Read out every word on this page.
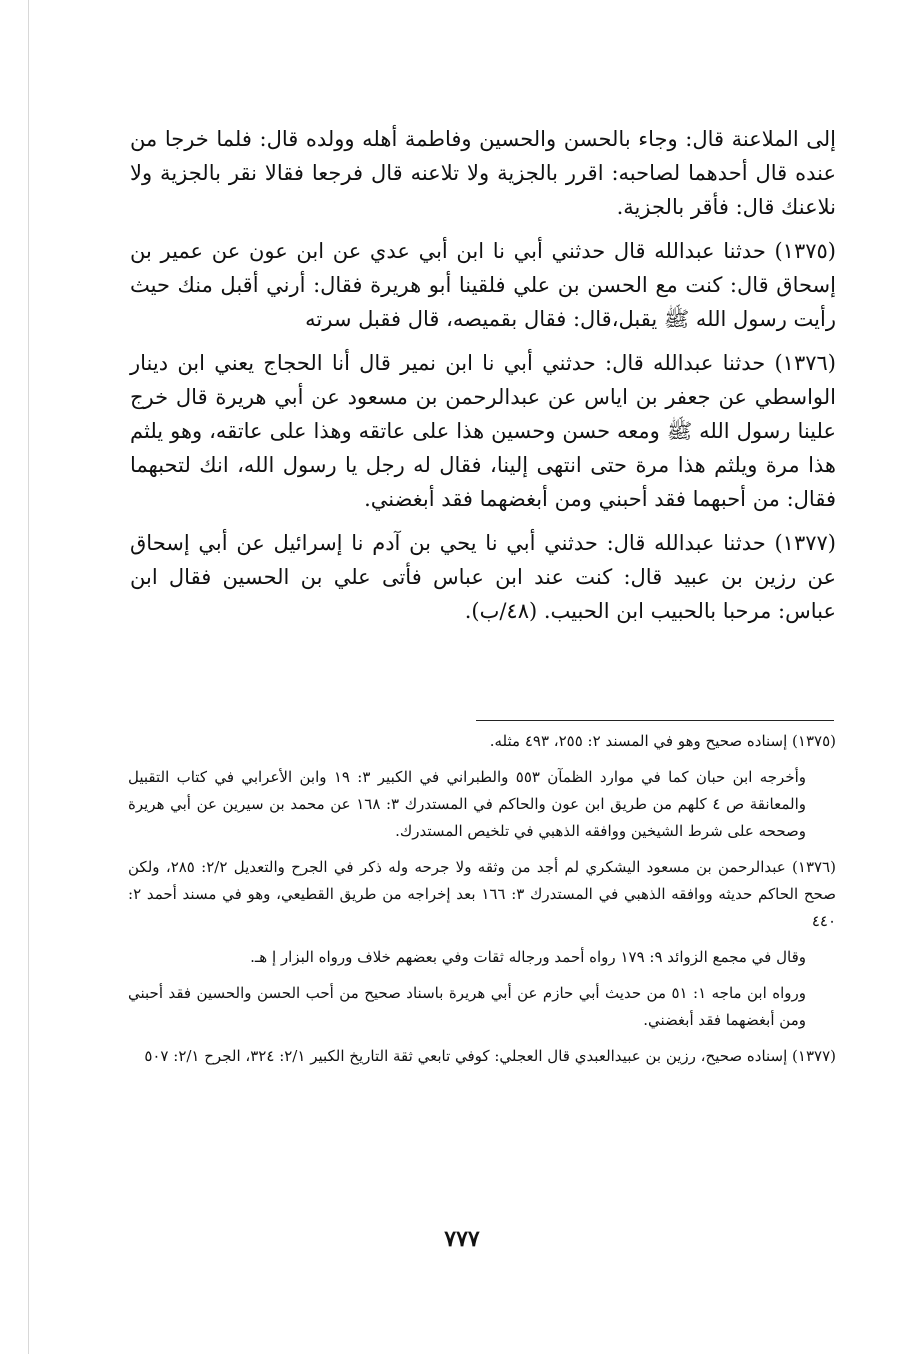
إلى الملاعنة قال: وجاء بالحسن والحسين وفاطمة أهله وولده قال: فلما خرجا من عنده قال أحدهما لصاحبه: اقرر بالجزية ولا تلاعنه قال فرجعا فقالا نقر بالجزية ولا نلاعنك قال: فأقر بالجزية.

(١٣٧٥) حدثنا عبدالله قال حدثني أبي نا ابن أبي عدي عن ابن عون عن عمير بن إسحاق قال: كنت مع الحسن بن علي فلقينا أبو هريرة فقال: أرني أقبل منك حيث رأيت رسول الله ﷺ يقبل،قال: فقال بقميصه، قال فقبل سرته

(١٣٧٦) حدثنا عبدالله قال: حدثني أبي نا ابن نمير قال أنا الحجاج يعني ابن دينار الواسطي عن جعفر بن اياس عن عبدالرحمن بن مسعود عن أبي هريرة قال خرج علينا رسول الله ﷺ ومعه حسن وحسين هذا على عاتقه وهذا على عاتقه، وهو يلثم هذا مرة ويلثم هذا مرة حتى انتهى إلينا، فقال له رجل يا رسول الله، انك لتحبهما فقال: من أحبهما فقد أحبني ومن أبغضهما فقد أبغضني.

(١٣٧٧) حدثنا عبدالله قال: حدثني أبي نا يحي بن آدم نا إسرائيل عن أبي إسحاق عن رزين بن عبيد قال: كنت عند ابن عباس فأتى علي بن الحسين فقال ابن عباس: مرحبا بالحبيب ابن الحبيب. (٤٨/ب).

(١٣٧٥) إسناده صحيح وهو في المسند ٢: ٢٥٥، ٤٩٣ مثله.

وأخرجه ابن حبان كما في موارد الظمآن ٥٥٣ والطبراني في الكبير ٣: ١٩ وابن الأعرابي في كتاب التقبيل والمعانقة ص ٤ كلهم من طريق ابن عون والحاكم في المستدرك ٣: ١٦٨ عن محمد بن سيرين عن أبي هريرة وصححه على شرط الشيخين ووافقه الذهبي في تلخيص المستدرك.

(١٣٧٦) عبدالرحمن بن مسعود اليشكري لم أجد من وثقه ولا جرحه وله ذكر في الجرح والتعديل ٢/٢: ٢٨٥، ولكن صحح الحاكم حديثه ووافقه الذهبي في المستدرك ٣: ١٦٦ بعد إخراجه من طريق القطيعي، وهو في مسند أحمد ٢: ٤٤٠

وقال في مجمع الزوائد ٩: ١٧٩ رواه أحمد ورجاله ثقات وفي بعضهم خلاف ورواه البزار إ هـ.

ورواه ابن ماجه ١: ٥١ من حديث أبي حازم عن أبي هريرة باسناد صحيح من أحب الحسن والحسين فقد أحبني ومن أبغضهما فقد أبغضني.

(١٣٧٧) إسناده صحيح، رزين بن عبيدالعبدي قال العجلي: كوفي تابعي ثقة التاريخ الكبير ٢/١: ٣٢٤، الجرح ٢/١: ٥٠٧

٧٧٧
